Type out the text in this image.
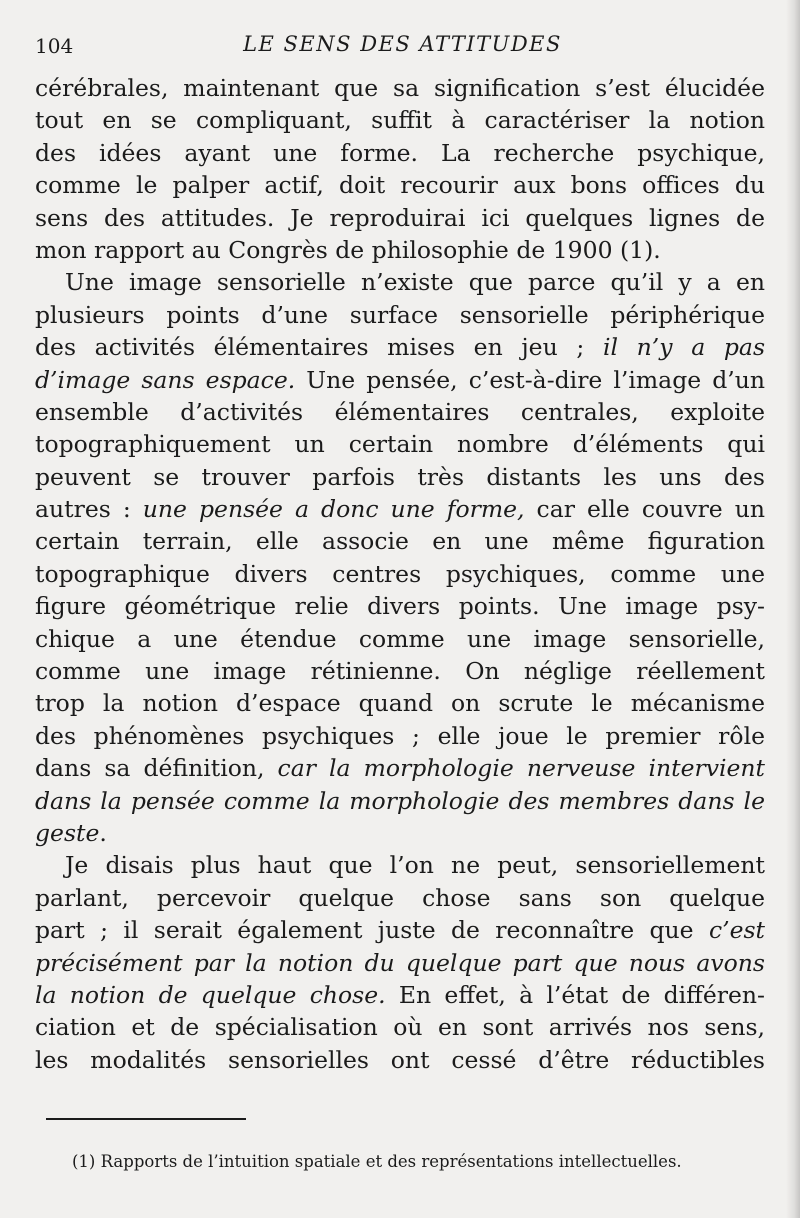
104	LE SENS DES ATTITUDES
cérébrales, maintenant que sa signification s’est élucidée
tout en se compliquant, suffit à caractériser la notion
des idées ayant une forme. La recherche psychique,
comme le palper actif, doit recourir aux bons offices du
sens des attitudes. Je reproduirai ici quelques lignes de
mon rapport au Congrès de philosophie de 1900 (1).
Une image sensorielle n’existe que parce qu’il y a en
plusieurs points d’une surface sensorielle périphérique
des activités élémentaires mises en jeu ; il n’y a pas
d’image sans espace. Une pensée, c’est-à-dire l’image d’un
ensemble d’activités élémentaires centrales, exploite
topographiquement un certain nombre d’éléments qui
peuvent se trouver parfois très distants les uns des
autres : une pensée a donc une forme, car elle couvre un
certain terrain, elle associe en une même figuration
topographique divers centres psychiques, comme une
figure géométrique relie divers points. Une image psy-
chique a une étendue comme une image sensorielle,
comme une image rétinienne. On néglige réellement
trop la notion d’espace quand on scrute le mécanisme
des phénomènes psychiques ; elle joue le premier rôle
dans sa définition, car la morphologie nerveuse intervient
dans la pensée comme la morphologie des membres dans le
geste.
Je disais plus haut que l’on ne peut, sensoriellement
parlant, percevoir quelque chose sans son quelque
part ; il serait également juste de reconnaître que c’est
précisément par la notion du quelque part que nous avons
la notion de quelque chose. En effet, à l’état de différen-
ciation et de spécialisation où en sont arrivés nos sens,
les modalités sensorielles ont cessé d’être réductibles
(1) Rapports de l’intuition spatiale et des représentations intellectuelles.
